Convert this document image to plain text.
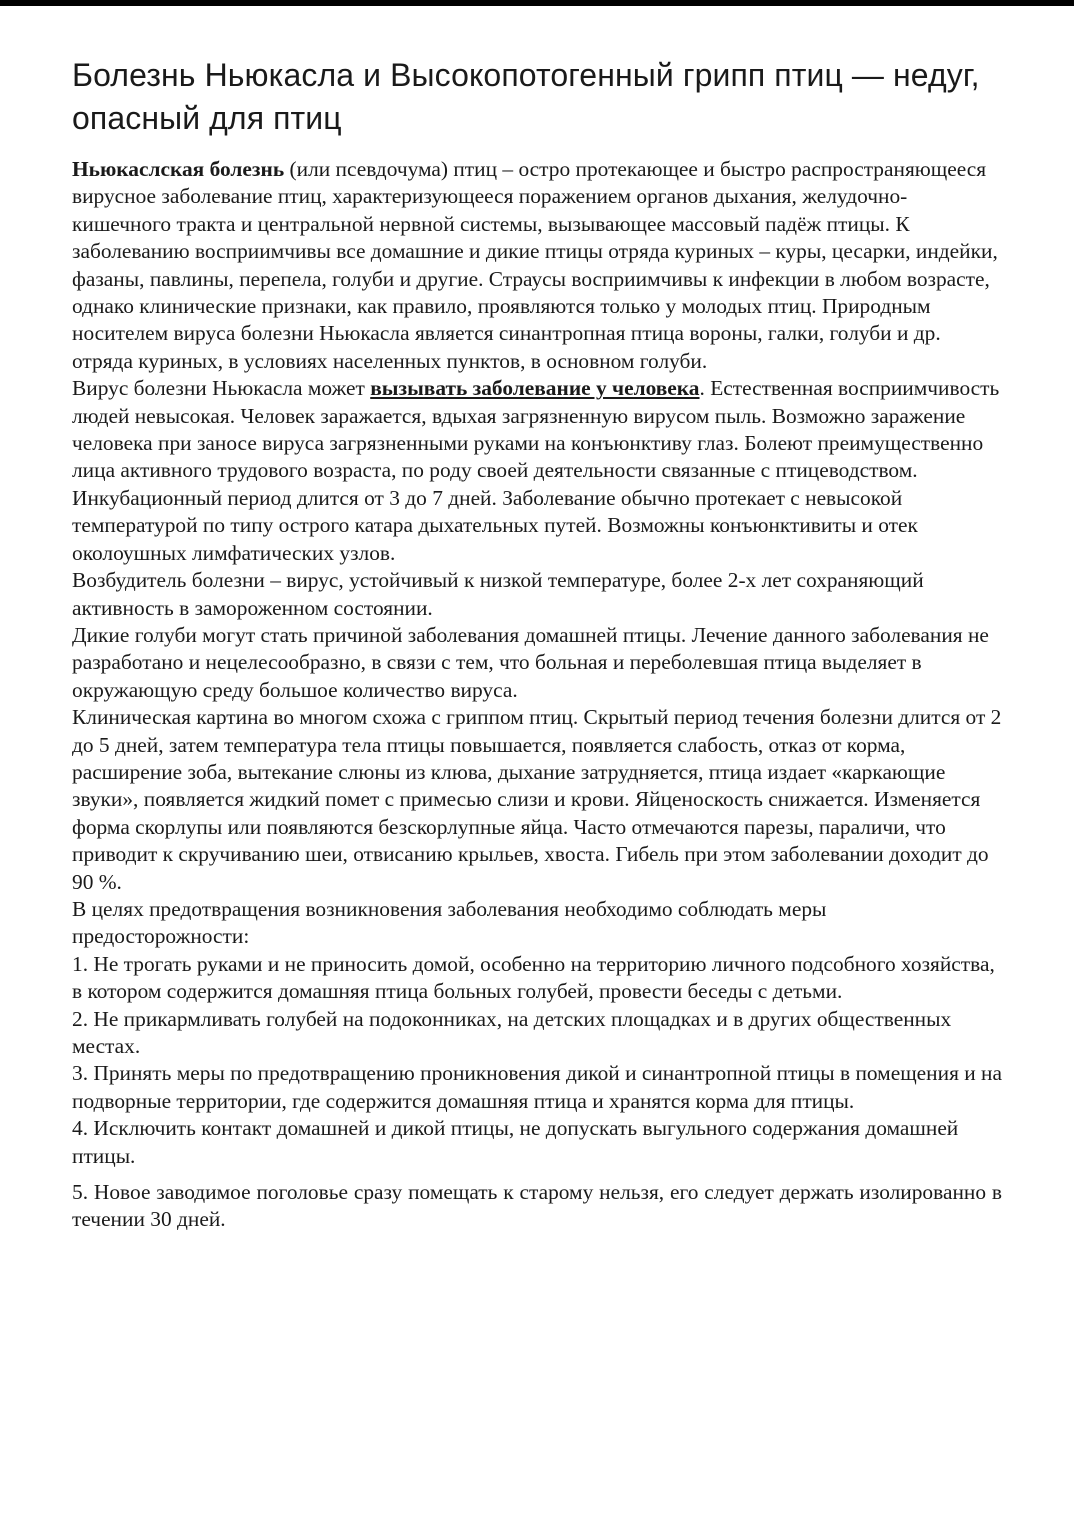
Болезнь Ньюкасла и Высокопотогенный грипп птиц — недуг, опасный для птиц

Ньюкаслская болезнь (или псевдочума) птиц – остро протекающее и быстро распространяющееся вирусное заболевание птиц, характеризующееся поражением органов дыхания, желудочно-кишечного тракта и центральной нервной системы, вызывающее массовый падёж птицы. К заболеванию восприимчивы все домашние и дикие птицы отряда куриных – куры, цесарки, индейки, фазаны, павлины, перепела, голуби и другие. Страусы восприимчивы к инфекции в любом возрасте, однако клинические признаки, как правило, проявляются только у молодых птиц. Природным носителем вируса болезни Ньюкасла является синантропная птица вороны, галки, голуби и др. отряда куриных, в условиях населенных пунктов, в основном голуби.

Вирус болезни Ньюкасла может вызывать заболевание у человека. Естественная восприимчивость людей невысокая. Человек заражается, вдыхая загрязненную вирусом пыль. Возможно заражение человека при заносе вируса загрязненными руками на конъюнктиву глаз. Болеют преимущественно лица активного трудового возраста, по роду своей деятельности связанные с птицеводством. Инкубационный период длится от 3 до 7 дней. Заболевание обычно протекает с невысокой температурой по типу острого катара дыхательных путей. Возможны конъюнктивиты и отек околоушных лимфатических узлов.

Возбудитель болезни – вирус, устойчивый к низкой температуре, более 2-х лет сохраняющий активность в замороженном состоянии.

Дикие голуби могут стать причиной заболевания домашней птицы. Лечение данного заболевания не разработано и нецелесообразно, в связи с тем, что больная и переболевшая птица выделяет в окружающую среду большое количество вируса.

Клиническая картина во многом схожа с гриппом птиц. Скрытый период течения болезни длится от 2 до 5 дней, затем температура тела птицы повышается, появляется слабость, отказ от корма, расширение зоба, вытекание слюны из клюва, дыхание затрудняется, птица издает «каркающие звуки», появляется жидкий помет с примесью слизи и крови. Яйценоскость снижается. Изменяется форма скорлупы или появляются безскорлупные яйца. Часто отмечаются парезы, параличи, что приводит к скручиванию шеи, отвисанию крыльев, хвоста. Гибель при этом заболевании доходит до 90 %.

В целях предотвращения возникновения заболевания необходимо соблюдать меры предосторожности:

1. Не трогать руками и не приносить домой, особенно на территорию личного подсобного хозяйства, в котором содержится домашняя птица больных голубей, провести беседы с детьми.

2. Не прикармливать голубей на подоконниках, на детских площадках и в других общественных местах.

3. Принять меры по предотвращению проникновения дикой и синантропной птицы в помещения и на подворные территории, где содержится домашняя птица и хранятся корма для птицы.

4. Исключить контакт домашней и дикой птицы, не допускать выгульного содержания домашней птицы.

5. Новое заводимое поголовье сразу помещать к старому нельзя, его следует держать изолированно в течении 30 дней.
